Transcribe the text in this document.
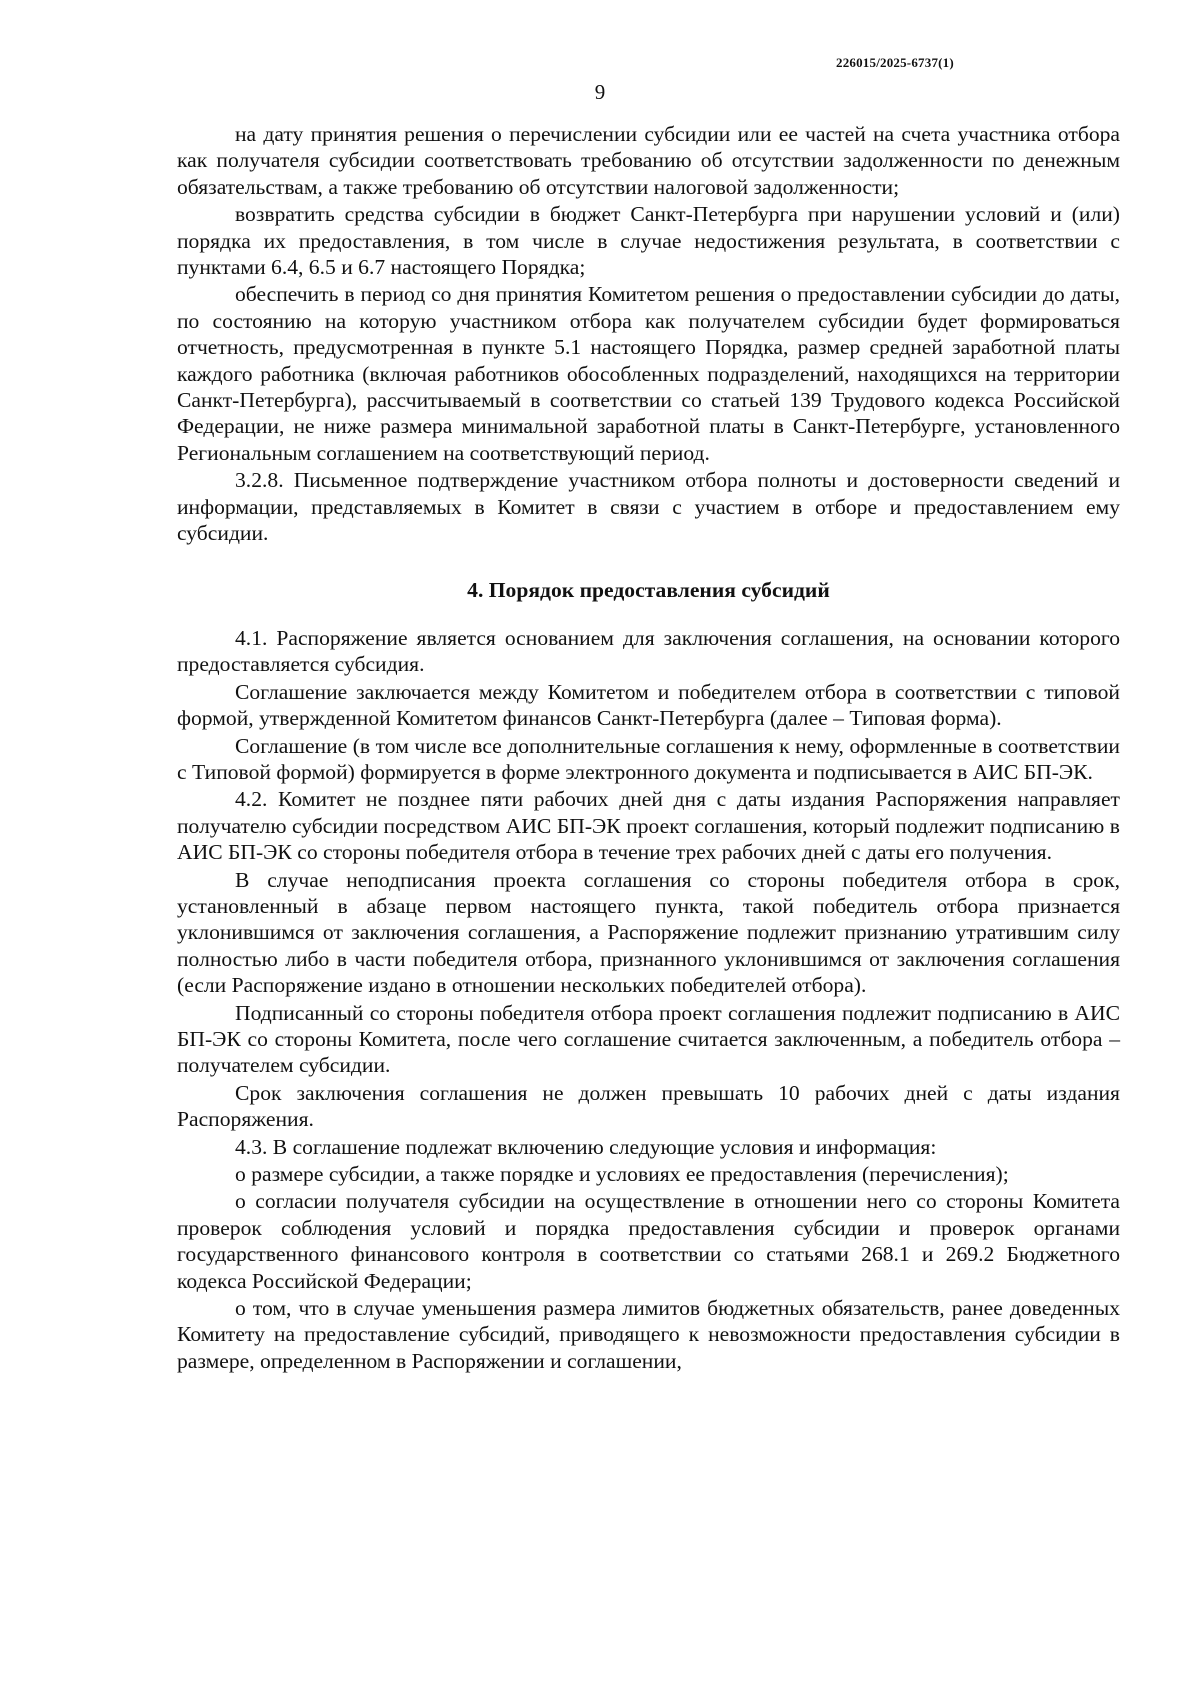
226015/2025-6737(1)
9

на дату принятия решения о перечислении субсидии или ее частей на счета участника отбора как получателя субсидии соответствовать требованию об отсутствии задолженности по денежным обязательствам, а также требованию об отсутствии налоговой задолженности;

возвратить средства субсидии в бюджет Санкт-Петербурга при нарушении условий и (или) порядка их предоставления, в том числе в случае недостижения результата, в соответствии с пунктами 6.4, 6.5 и 6.7 настоящего Порядка;

обеспечить в период со дня принятия Комитетом решения о предоставлении субсидии до даты, по состоянию на которую участником отбора как получателем субсидии будет формироваться отчетность, предусмотренная в пункте 5.1 настоящего Порядка, размер средней заработной платы каждого работника (включая работников обособленных подразделений, находящихся на территории Санкт-Петербурга), рассчитываемый в соответствии со статьей 139 Трудового кодекса Российской Федерации, не ниже размера минимальной заработной платы в Санкт-Петербурге, установленного Региональным соглашением на соответствующий период.

3.2.8. Письменное подтверждение участником отбора полноты и достоверности сведений и информации, представляемых в Комитет в связи с участием в отборе и предоставлением ему субсидии.

4. Порядок предоставления субсидий

4.1. Распоряжение является основанием для заключения соглашения, на основании которого предоставляется субсидия.

Соглашение заключается между Комитетом и победителем отбора в соответствии с типовой формой, утвержденной Комитетом финансов Санкт-Петербурга (далее – Типовая форма).

Соглашение (в том числе все дополнительные соглашения к нему, оформленные в соответствии с Типовой формой) формируется в форме электронного документа и подписывается в АИС БП-ЭК.

4.2. Комитет не позднее пяти рабочих дней дня с даты издания Распоряжения направляет получателю субсидии посредством АИС БП-ЭК проект соглашения, который подлежит подписанию в АИС БП-ЭК со стороны победителя отбора в течение трех рабочих дней с даты его получения.

В случае неподписания проекта соглашения со стороны победителя отбора в срок, установленный в абзаце первом настоящего пункта, такой победитель отбора признается уклонившимся от заключения соглашения, а Распоряжение подлежит признанию утратившим силу полностью либо в части победителя отбора, признанного уклонившимся от заключения соглашения (если Распоряжение издано в отношении нескольких победителей отбора).

Подписанный со стороны победителя отбора проект соглашения подлежит подписанию в АИС БП-ЭК со стороны Комитета, после чего соглашение считается заключенным, а победитель отбора – получателем субсидии.

Срок заключения соглашения не должен превышать 10 рабочих дней с даты издания Распоряжения.

4.3. В соглашение подлежат включению следующие условия и информация:

о размере субсидии, а также порядке и условиях ее предоставления (перечисления);

о согласии получателя субсидии на осуществление в отношении него со стороны Комитета проверок соблюдения условий и порядка предоставления субсидии и проверок органами государственного финансового контроля в соответствии со статьями 268.1 и 269.2 Бюджетного кодекса Российской Федерации;

о том, что в случае уменьшения размера лимитов бюджетных обязательств, ранее доведенных Комитету на предоставление субсидий, приводящего к невозможности предоставления субсидии в размере, определенном в Распоряжении и соглашении,
